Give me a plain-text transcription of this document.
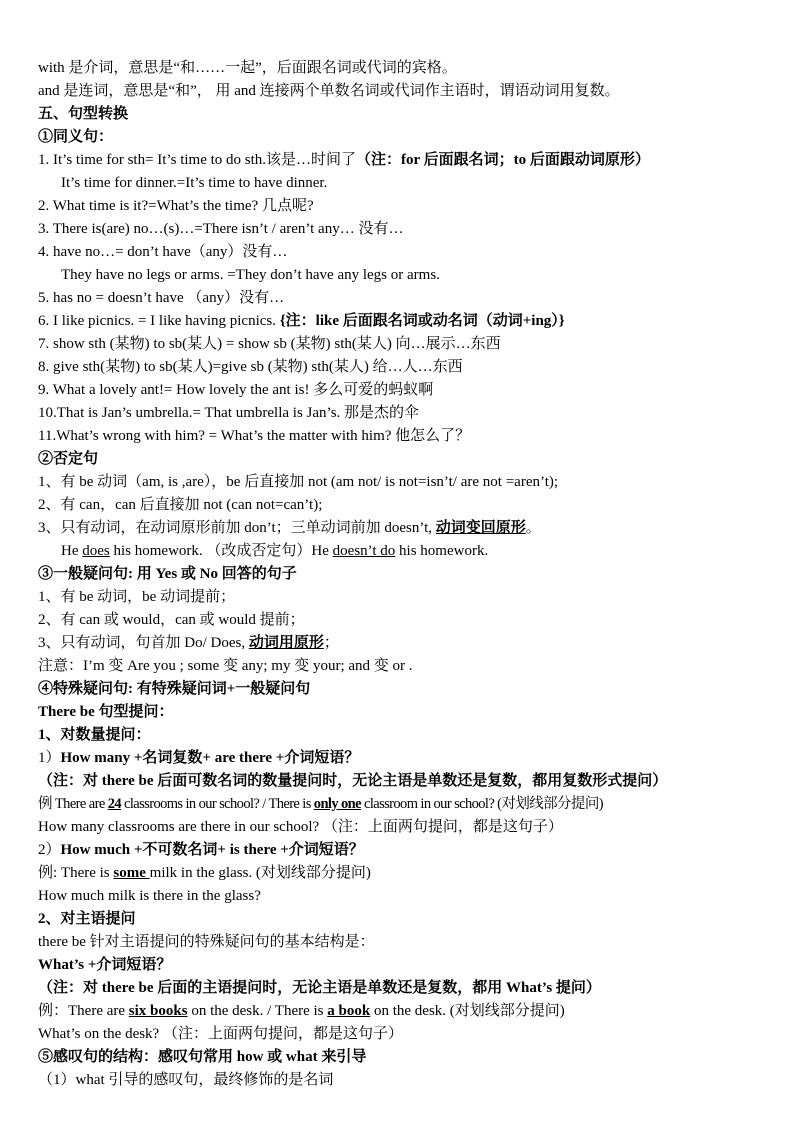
with 是介词，意思是“和……一起”，后面跟名词或代词的宾格。
and 是连词，意思是“和”， 用 and 连接两个单数名词或代词作主语时，谓语动词用复数。
五、句型转换
①同义句：
1. It’s time for sth= It’s time to do sth.该是…时间了（注：for 后面跟名词；to 后面跟动词原形）
It’s time for dinner.=It’s time to have dinner.
2. What time is it?=What’s the time? 几点呢?
3. There is(are) no…(s)…=There isn’t / aren’t any… 没有…
4. have no…= don’t have（any）没有…
They have no legs or arms. =They don’t have any legs or arms.
5. has no = doesn’t have （any）没有…
6. I like picnics. = I like having picnics. {注：like 后面跟名词或动名词（动词+ing）}
7. show sth (某物) to sb(某人) = show sb (某物) sth(某人) 向…展示…东西
8. give sth(某物) to sb(某人)=give sb (某物) sth(某人) 给…人…东西
9. What a lovely ant!= How lovely the ant is! 多么可爱的蚂蚁啊
10.That is Jan’s umbrella.= That umbrella is Jan’s. 那是杰的伞
11.What’s wrong with him? = What’s the matter with him? 他怎么了？
②否定句
1、有 be 动词（am, is ,are），be 后直接加 not (am not/ is not=isn’t/ are not =aren’t);
2、有 can，can 后直接加 not (can not=can’t);
3、只有动词，在动词原形前加 don’t；三单动词前加 doesn’t, 动词变回原形。
He does his homework. （改成否定句）He doesn’t do his homework.
③一般疑问句: 用 Yes 或 No 回答的句子
1、有 be 动词，be 动词提前；
2、有 can 或 would，can 或 would 提前；
3、只有动词，句首加 Do/ Does, 动词用原形；
注意：I’m 变 Are you ; some 变 any; my 变 your; and 变 or .
④特殊疑问句: 有特殊疑问词+一般疑问句
There be 句型提问：
1、对数量提问：
1）How many +名词复数+ are there +介词短语？
（注：对 there be 后面可数名词的数量提问时，无论主语是单数还是复数，都用复数形式提问）
例 There are 24 classrooms in our school? / There is only one classroom in our school? (对划线部分提问)
How many classrooms are there in our school? （注：上面两句提问，都是这句子）
2）How much +不可数名词+ is there +介词短语？
例: There is some milk in the glass. (对划线部分提问)
How much milk is there in the glass?
2、对主语提问
there be 针对主语提问的特殊疑问句的基本结构是：
What’s +介词短语？
（注：对 there be 后面的主语提问时，无论主语是单数还是复数，都用 What’s 提问）
例：There are six books on the desk. / There is a book on the desk. (对划线部分提问)
What’s on the desk? （注：上面两句提问，都是这句子）
⑤感叹句的结构：感叹句常用 how 或 what 来引导
（1）what 引导的感叹句，最终修饰的是名词
